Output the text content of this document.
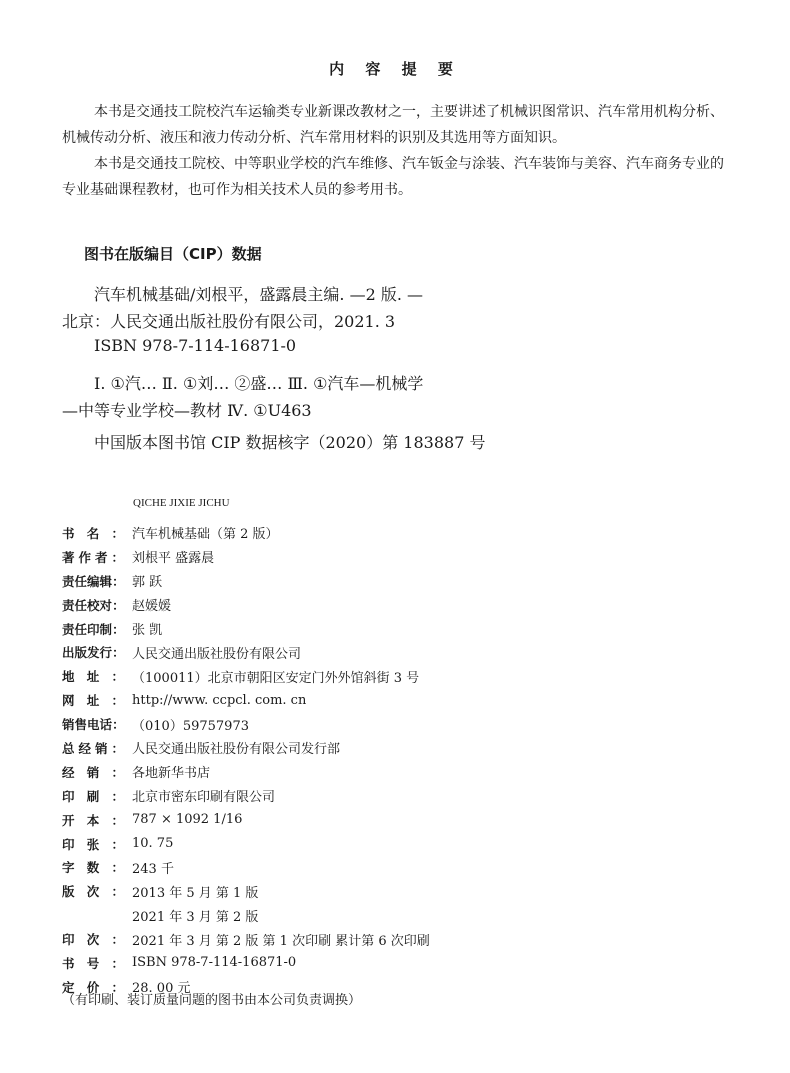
内 容 提 要

本书是交通技工院校汽车运输类专业新课改教材之一，主要讲述了机械识图常识、汽车常用机构分析、

机械传动分析、液压和液力传动分析、汽车常用材料的识别及其选用等方面知识。

本书是交通技工院校、中等职业学校的汽车维修、汽车钣金与涂装、汽车装饰与美容、汽车商务专业的

专业基础课程教材，也可作为相关技术人员的参考用书。

图书在版编目（CIP）数据
汽车机械基础/刘根平，盛露晨主编. —2 版. —
北京：人民交通出版社股份有限公司，2021. 3
ISBN 978-7-114-16871-0
Ⅰ. ①汽… Ⅱ. ①刘… ②盛… Ⅲ. ①汽车—机械学
—中等专业学校—教材 Ⅳ. ①U463
中国版本图书馆 CIP 数据核字（2020）第 183887 号
QICHE JIXIE JICHU
书 名 ： 汽车机械基础（第 2 版）
著 作 者 ： 刘根平 盛露晨
责 任 编 辑 ： 郭 跃
责 任 校 对 ： 赵媛媛
责 任 印 制 ： 张 凯
出 版 发 行 ： 人民交通出版社股份有限公司
地 址 ： （100011）北京市朝阳区安定门外外馆斜街 3 号
网 址 ： http://www. ccpcl. com. cn
销 售 电 话 ： （010）59757973
总 经 销 ： 人民交通出版社股份有限公司发行部
经 销 ： 各地新华书店
印 刷 ： 北京市密东印刷有限公司
开 本 ： 787 × 1092 1/16
印 张 ： 10. 75
字 数 ： 243 千
版 次 ： 2013 年 5 月 第 1 版
2021 年 3 月 第 2 版
印 次 ： 2021 年 3 月 第 2 版 第 1 次印刷 累计第 6 次印刷
书 号 ： ISBN 978-7-114-16871-0
定 价 ： 28. 00 元
（有印刷、装订质量问题的图书由本公司负责调换）
